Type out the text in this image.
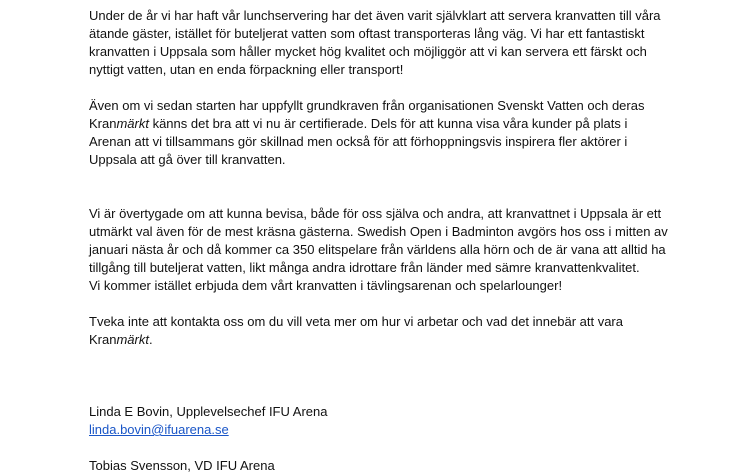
Under de år vi har haft vår lunchservering har det även varit självklart att servera kranvatten till våra
ätande gäster, istället för buteljerat vatten som oftast transporteras lång väg. Vi har ett fantastiskt
kranvatten i Uppsala som håller mycket hög kvalitet och möjliggör att vi kan servera ett färskt och
nyttigt vatten, utan en enda förpackning eller transport!

Även om vi sedan starten har uppfyllt grundkraven från organisationen Svenskt Vatten och deras
Kranmärkt känns det bra att vi nu är certifierade. Dels för att kunna visa våra kunder på plats i
Arenan att vi tillsammans gör skillnad men också för att förhoppningsvis inspirera fler aktörer i
Uppsala att gå över till kranvatten.

Vi är övertygade om att kunna bevisa, både för oss själva och andra, att kranvattnet i Uppsala är ett
utmärkt val även för de mest kräsna gästerna. Swedish Open i Badminton avgörs hos oss i mitten av
januari nästa år och då kommer ca 350 elitspelare från världens alla hörn och de är vana att alltid ha
tillgång till buteljerat vatten, likt många andra idrottare från länder med sämre kranvattenkvalitet.
Vi kommer istället erbjuda dem vårt kranvatten i tävlingsarenan och spelarlounger!

Tveka inte att kontakta oss om du vill veta mer om hur vi arbetar och vad det innebär att vara
Kranmärkt.

Linda E Bovin, Upplevelsechef IFU Arena
linda.bovin@ifuarena.se
Tobias Svensson, VD IFU Arena
